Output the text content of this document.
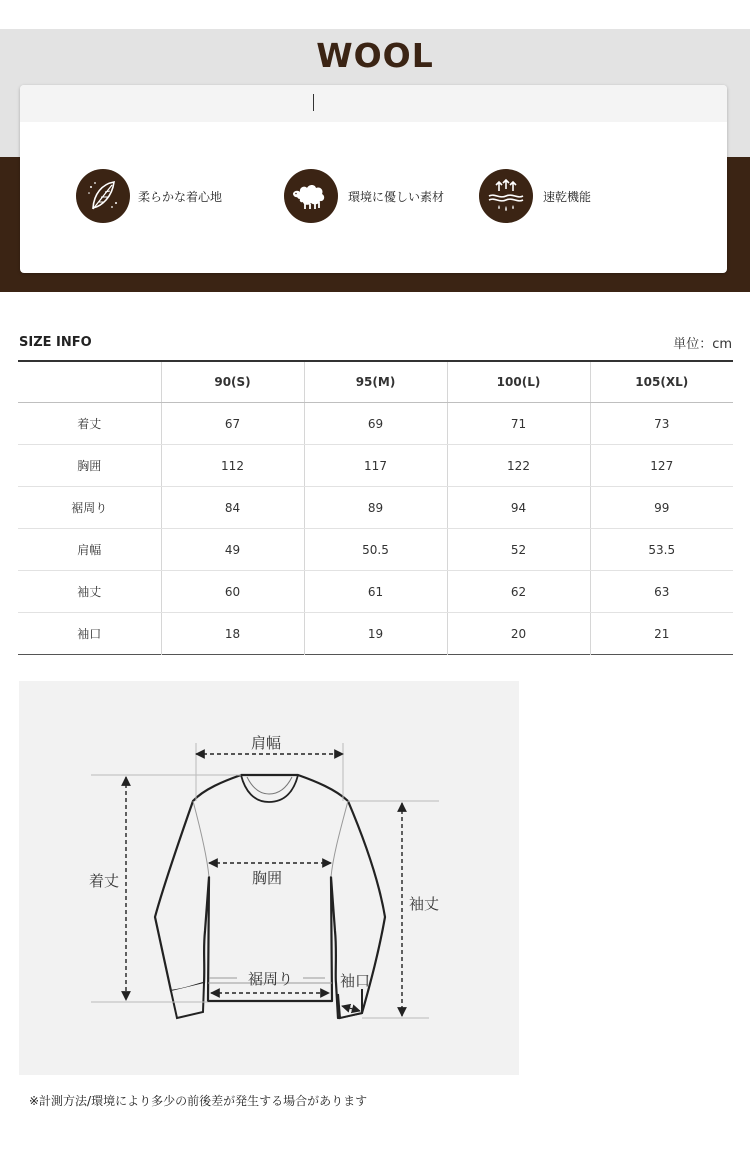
WOOL
柔らかな着心地	環境に優しい素材	速乾機能
SIZE INFO	単位：cm
	90(S)	95(M)	100(L)	105(XL)
着丈	67	69	71	73
胸囲	112	117	122	127
裾周り	84	89	94	99
肩幅	49	50.5	52	53.5
袖丈	60	61	62	63
袖口	18	19	20	21
肩幅
着丈	胸囲
袖丈
裾周り	袖口
※計測方法/環境により多少の前後差が発生する場合があります
